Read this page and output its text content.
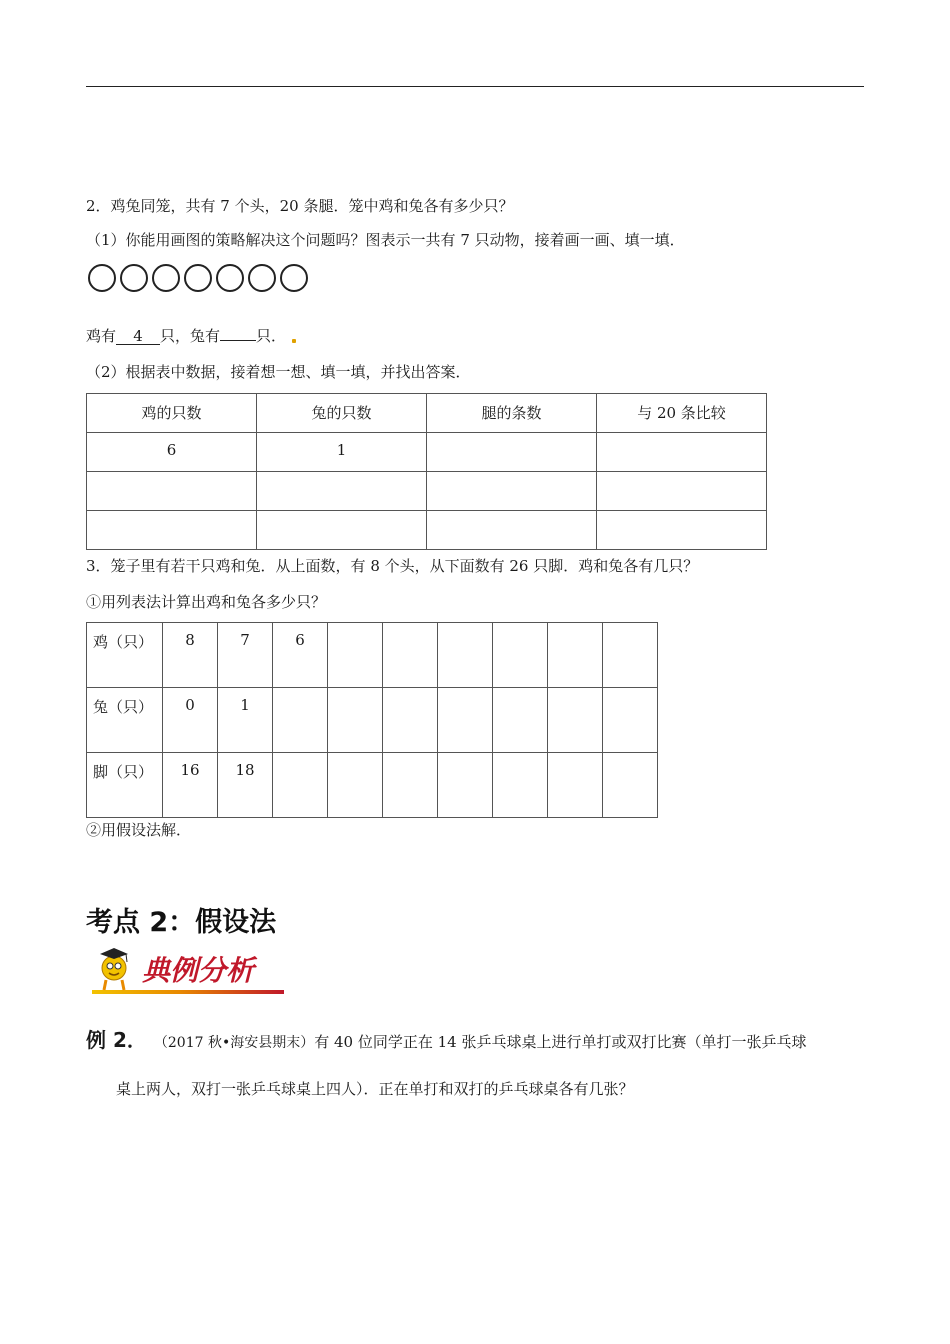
2．鸡兔同笼，共有 7 个头，20 条腿．笼中鸡和兔各有多少只？
（1）你能用画图的策略解决这个问题吗？图表示一共有 7 只动物，接着画一画、填一填．
鸡有 4 只，兔有 只．
（2）根据表中数据，接着想一想、填一填，并找出答案．
鸡的只数	兔的只数	腿的条数	与 20 条比较
6	1		

3．笼子里有若干只鸡和兔．从上面数，有 8 个头，从下面数有 26 只脚．鸡和兔各有几只？
①用列表法计算出鸡和兔各多少只？
鸡（只）	8	7	6						
兔（只）	0	1							
脚（只）	16	18							
②用假设法解．
考点 2：假设法
典例分析
例 2． （2017 秋•海安县期末）有 40 位同学正在 14 张乒乓球桌上进行单打或双打比赛（单打一张乒乓球
桌上两人，双打一张乒乓球桌上四人）．正在单打和双打的乒乓球桌各有几张？
